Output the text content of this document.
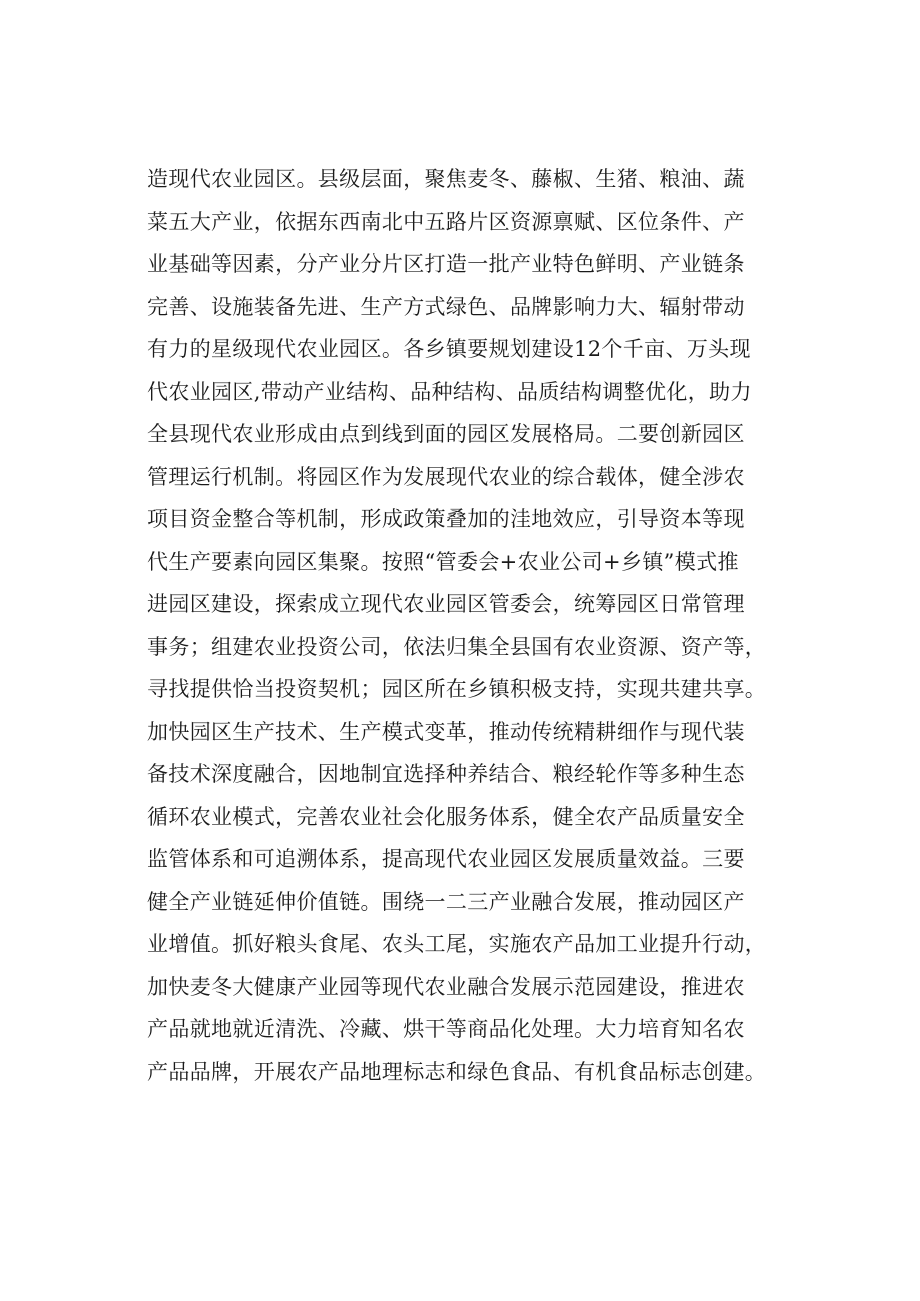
造现代农业园区。县级层面，聚焦麦冬、藤椒、生猪、粮油、蔬
菜五大产业，依据东西南北中五路片区资源禀赋、区位条件、产
业基础等因素，分产业分片区打造一批产业特色鲜明、产业链条
完善、设施装备先进、生产方式绿色、品牌影响力大、辐射带动
有力的星级现代农业园区。各乡镇要规划建设12个千亩、万头现
代农业园区,带动产业结构、品种结构、品质结构调整优化，助力
全县现代农业形成由点到线到面的园区发展格局。二要创新园区
管理运行机制。将园区作为发展现代农业的综合载体，健全涉农
项目资金整合等机制，形成政策叠加的洼地效应，引导资本等现
代生产要素向园区集聚。按照“管委会+农业公司+乡镇”模式推
进园区建设，探索成立现代农业园区管委会，统筹园区日常管理
事务；组建农业投资公司，依法归集全县国有农业资源、资产等，
寻找提供恰当投资契机；园区所在乡镇积极支持，实现共建共享。
加快园区生产技术、生产模式变革，推动传统精耕细作与现代装
备技术深度融合，因地制宜选择种养结合、粮经轮作等多种生态
循环农业模式，完善农业社会化服务体系，健全农产品质量安全
监管体系和可追溯体系，提高现代农业园区发展质量效益。三要
健全产业链延伸价值链。围绕一二三产业融合发展，推动园区产
业增值。抓好粮头食尾、农头工尾，实施农产品加工业提升行动，
加快麦冬大健康产业园等现代农业融合发展示范园建设，推进农
产品就地就近清洗、冷藏、烘干等商品化处理。大力培育知名农
产品品牌，开展农产品地理标志和绿色食品、有机食品标志创建。
